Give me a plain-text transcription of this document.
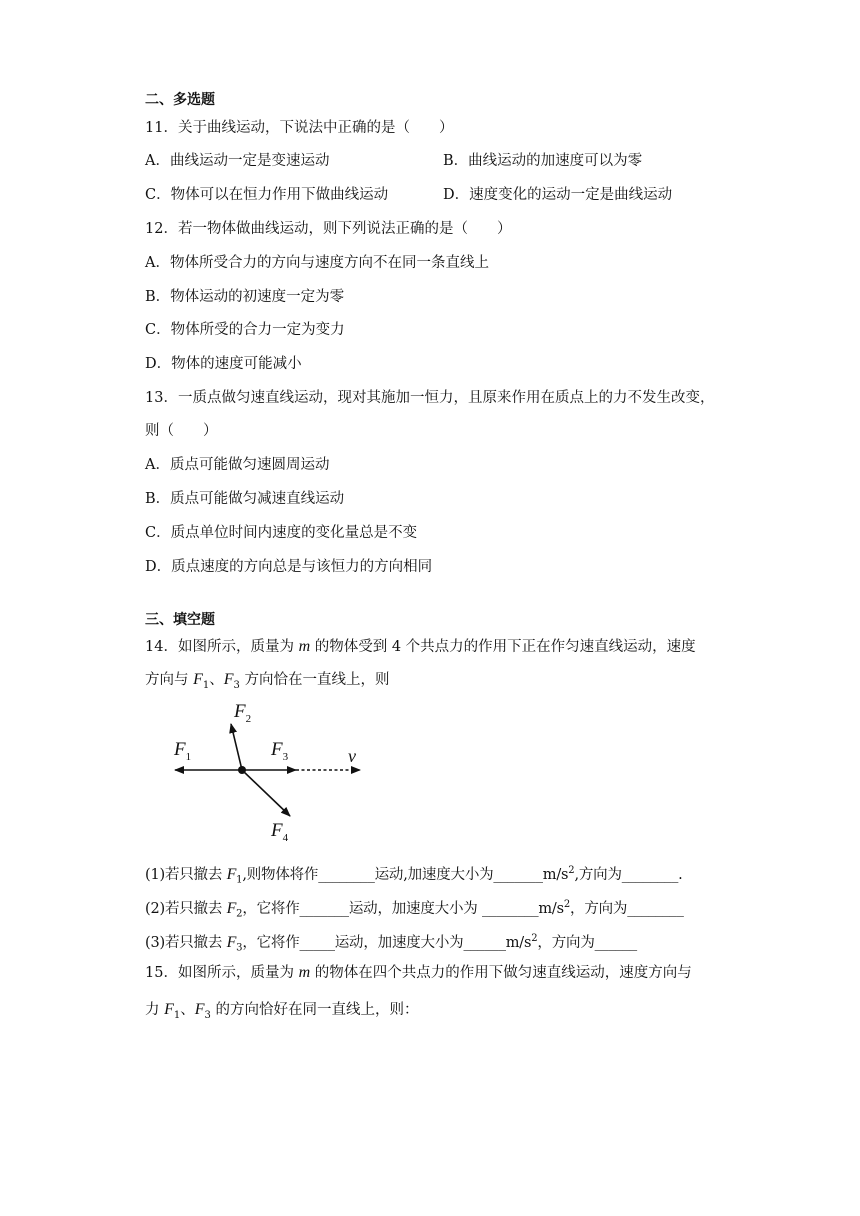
二、多选题
11．关于曲线运动，下说法中正确的是（　　）
A．曲线运动一定是变速运动	B．曲线运动的加速度可以为零
C．物体可以在恒力作用下做曲线运动	D．速度变化的运动一定是曲线运动
12．若一物体做曲线运动，则下列说法正确的是（　　）
A．物体所受合力的方向与速度方向不在同一条直线上
B．物体运动的初速度一定为零
C．物体所受的合力一定为变力
D．物体的速度可能减小
13．一质点做匀速直线运动，现对其施加一恒力，且原来作用在质点上的力不发生改变，
则（　　）
A．质点可能做匀速圆周运动
B．质点可能做匀减速直线运动
C．质点单位时间内速度的变化量总是不变
D．质点速度的方向总是与该恒力的方向相同
三、填空题
14．如图所示，质量为 m 的物体受到 4 个共点力的作用下正在作匀速直线运动，速度
方向与 $F_1$、$F_3$ 方向恰在一直线上，则
$F_1$
$F_2$
$F_3$	v
$F_4$
(1)若只撤去 $F_1$,则物体将作________运动,加速度大小为$\_\_\_\_\_\_\_m/s^2$,方向为________.
(2)若只撤去 $F_2$，它将作_______运动，加速度大小为 $\_\_\_\_\_\_\_\_m/s^2$，方向为________
(3)若只撤去 $F_3$，它将作_____运动，加速度大小为$\_\_\_\_\_\_m/s^2$，方向为______
15．如图所示，质量为 m 的物体在四个共点力的作用下做匀速直线运动，速度方向与
力 $F_1$、$F_3$ 的方向恰好在同一直线上，则：
